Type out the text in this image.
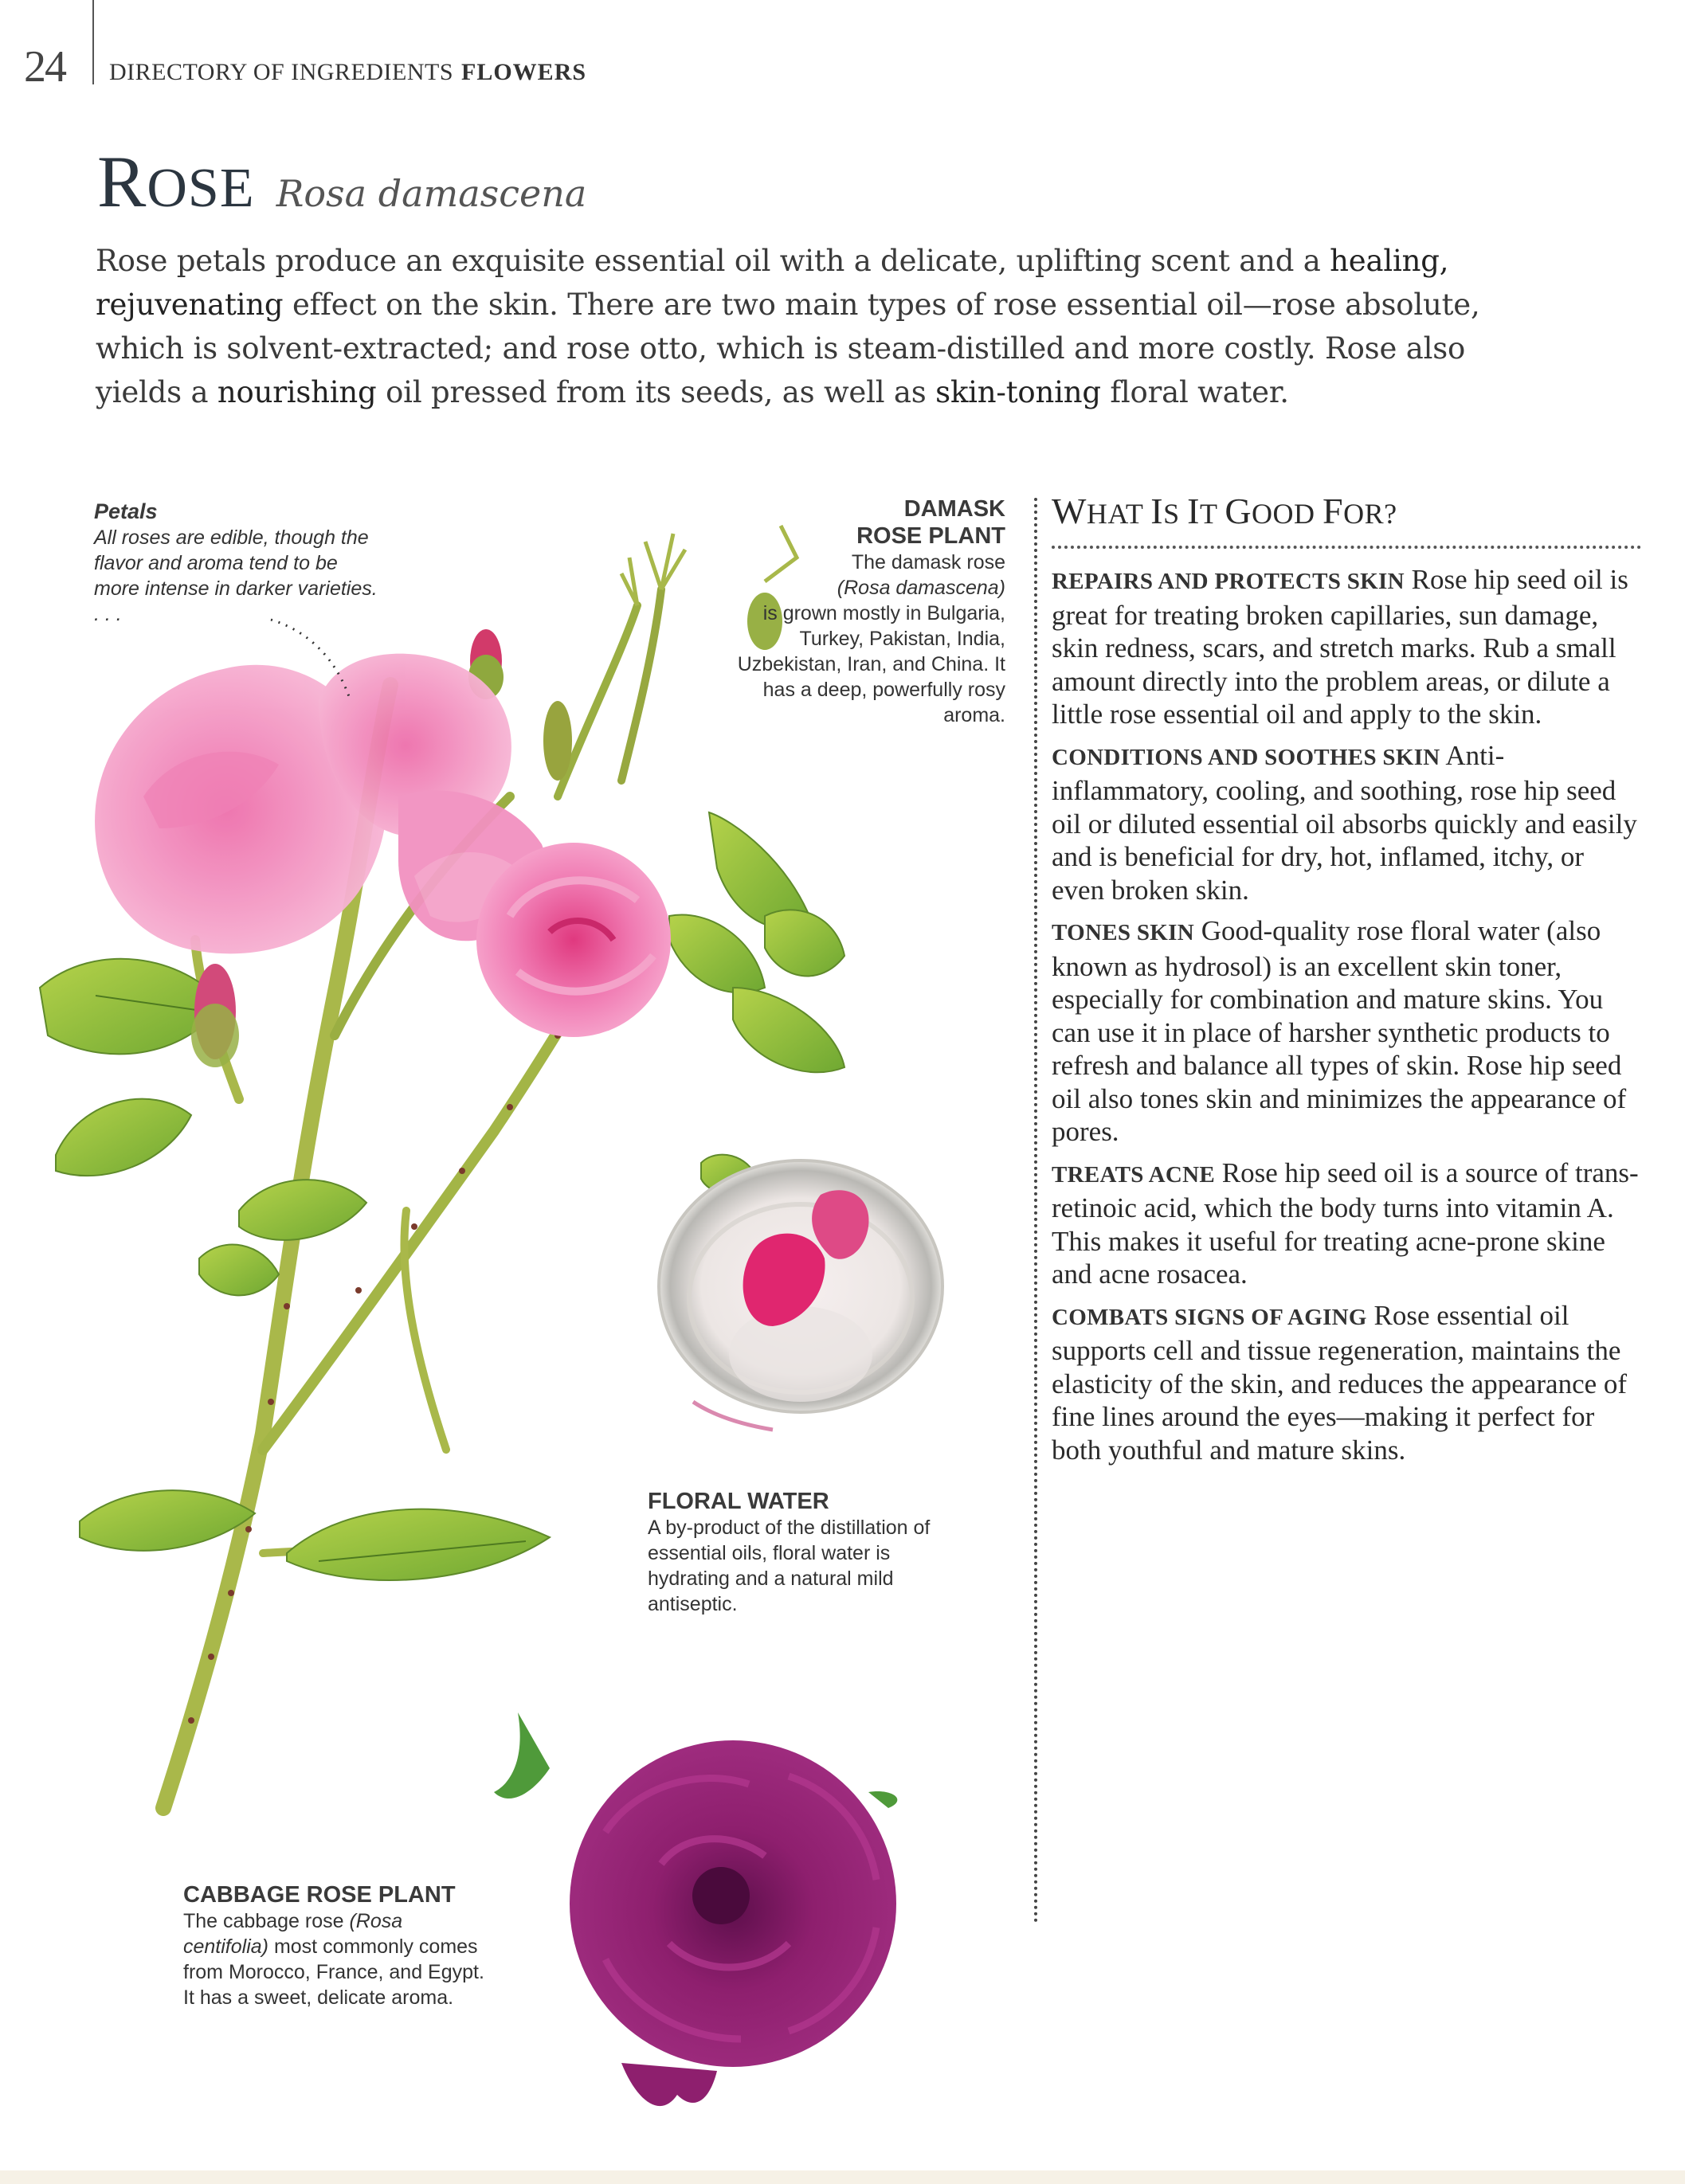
24 DIRECTORY OF INGREDIENTS FLOWERS
ROSE Rosa damascena

Rose petals produce an exquisite essential oil with a delicate, uplifting scent and a healing, rejuvenating effect on the skin. There are two main types of rose essential oil—rose absolute, which is solvent-extracted; and rose otto, which is steam-distilled and more costly. Rose also yields a nourishing oil pressed from its seeds, as well as skin-toning floral water.

Petals
All roses are edible, though the flavor and aroma tend to be more intense in darker varieties. . . .
DAMASK
ROSE PLANT
The damask rose
(Rosa damascena)
is grown mostly in Bulgaria, Turkey, Pakistan, India, Uzbekistan, Iran, and China. It has a deep, powerfully rosy aroma.
FLORAL WATER
A by-product of the distillation of essential oils, floral water is hydrating and a natural mild antiseptic.
CABBAGE ROSE PLANT
The cabbage rose (Rosa centifolia) most commonly comes from Morocco, France, and Egypt. It has a sweet, delicate aroma.
WHAT IS IT GOOD FOR?
REPAIRS AND PROTECTS SKIN Rose hip seed oil is great for treating broken capillaries, sun damage, skin redness, scars, and stretch marks. Rub a small amount directly into the problem areas, or dilute a little rose essential oil and apply to the skin.
CONDITIONS AND SOOTHES SKIN Anti-inflammatory, cooling, and soothing, rose hip seed oil or diluted essential oil absorbs quickly and easily and is beneficial for dry, hot, inflamed, itchy, or even broken skin.
TONES SKIN Good-quality rose floral water (also known as hydrosol) is an excellent skin toner, especially for combination and mature skins. You can use it in place of harsher synthetic products to refresh and balance all types of skin. Rose hip seed oil also tones skin and minimizes the appearance of pores.
TREATS ACNE Rose hip seed oil is a source of trans-retinoic acid, which the body turns into vitamin A. This makes it useful for treating acne-prone skine and acne rosacea.
COMBATS SIGNS OF AGING Rose essential oil supports cell and tissue regeneration, maintains the elasticity of the skin, and reduces the appearance of fine lines around the eyes—making it perfect for both youthful and mature skins.
